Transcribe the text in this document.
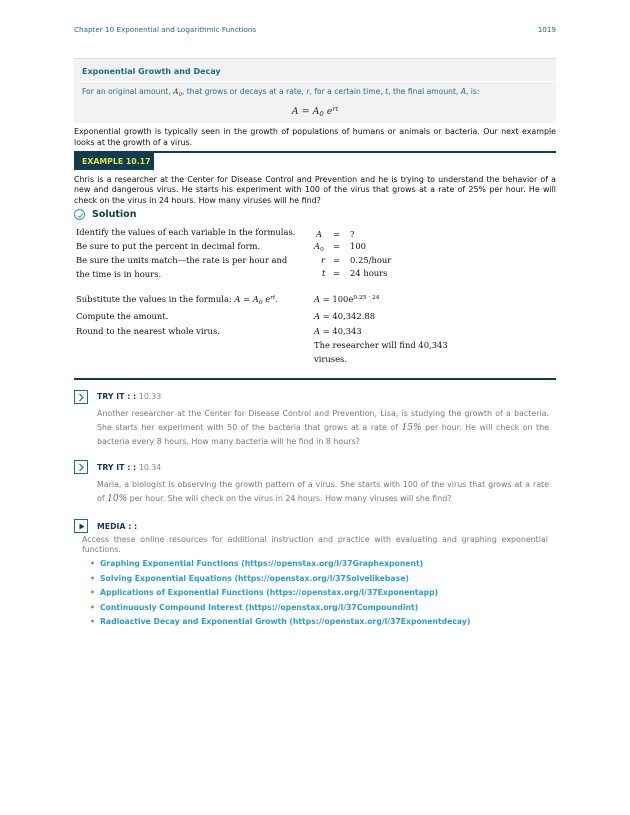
Chapter 10 Exponential and Logarithmic Functions	1019
Exponential Growth and Decay
For an original amount, $A_0$, that grows or decays at a rate, r, for a certain time, t, the final amount, A, is:
$A = A_0$ $e^{rt}$

Exponential growth is typically seen in the growth of populations of humans or animals or bacteria. Our next example looks at the growth of a virus.

EXAMPLE 10.17

Chris is a researcher at the Center for Disease Control and Prevention and he is trying to understand the behavior of a new and dangerous virus. He starts his experiment with 100 of the virus that grows at a rate of 25% per hour. He will check on the virus in 24 hours. How many viruses will he find?

Solution
Identify the values of each variable in the formulas.
Be sure to put the percent in decimal form.
Be sure the units match—the rate is per hour and
the time is in hours.
Substitute the values in the formula: $A = A_0$ $e^{rt}$.
Compute the amount.
Round to the nearest whole virus.
A = ?
$A_0 = 100$
r = 0.25/hour
t = 24 hours
$A = 100e^{0.25 \cdot 24}$
A = 40,342.88
A = 40,343
The researcher will find 40,343
viruses.
TRY IT : : 10.33

Another researcher at the Center for Disease Control and Prevention, Lisa, is studying the growth of a bacteria. She starts her experiment with 50 of the bacteria that grows at a rate of 15% per hour. He will check on the bacteria every 8 hours. How many bacteria will he find in 8 hours?

TRY IT : : 10.34

Maria, a biologist is observing the growth pattern of a virus. She starts with 100 of the virus that grows at a rate of 10% per hour. She will check on the virus in 24 hours. How many viruses will she find?

MEDIA : :

Access these online resources for additional instruction and practice with evaluating and graphing exponential functions.

• Graphing Exponential Functions (https://openstax.org/l/37Graphexponent)
• Solving Exponential Equations (https://openstax.org/l/37Solvelikebase)
• Applications of Exponential Functions (https://openstax.org/l/37Exponentapp)
• Continuously Compound Interest (https://openstax.org/l/37Compoundint)
• Radioactive Decay and Exponential Growth (https://openstax.org/l/37Exponentdecay)
